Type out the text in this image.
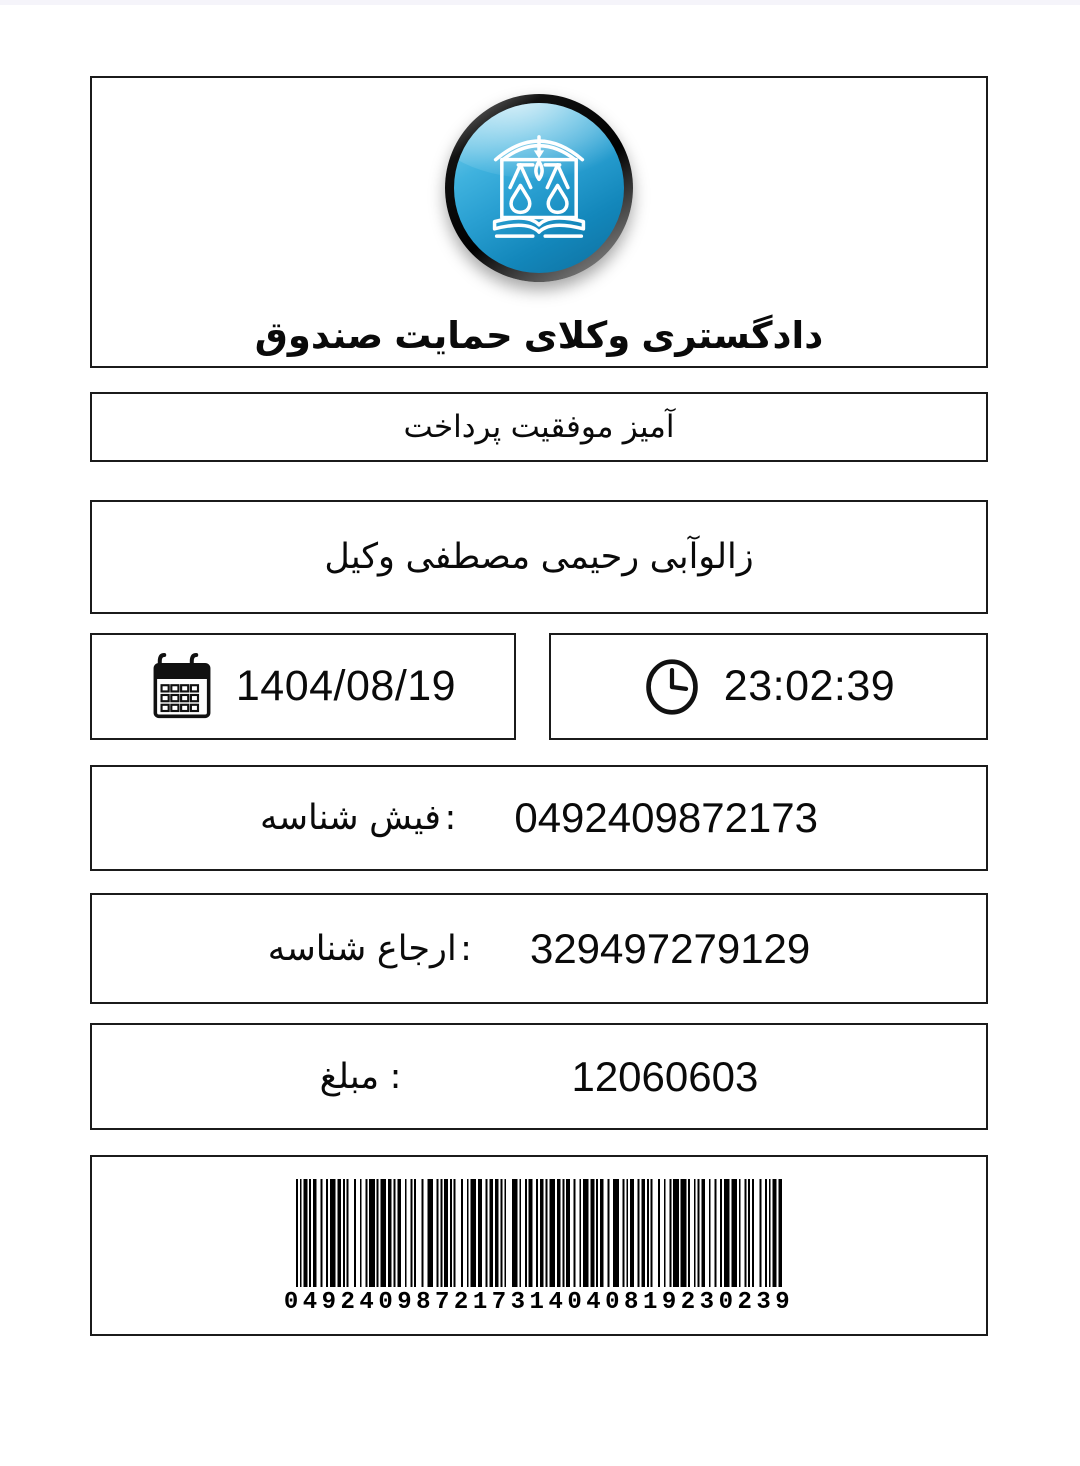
صندوق حمایت وکلای دادگستری
پرداخت موفقیت آمیز
وکیل مصطفی رحیمی زالوآبی
1404/08/19	23:02:39
شناسه فیش : 0492409872173
شناسه ارجاع : 329497279129
مبلغ :	12060603
049240987217314040819230239
